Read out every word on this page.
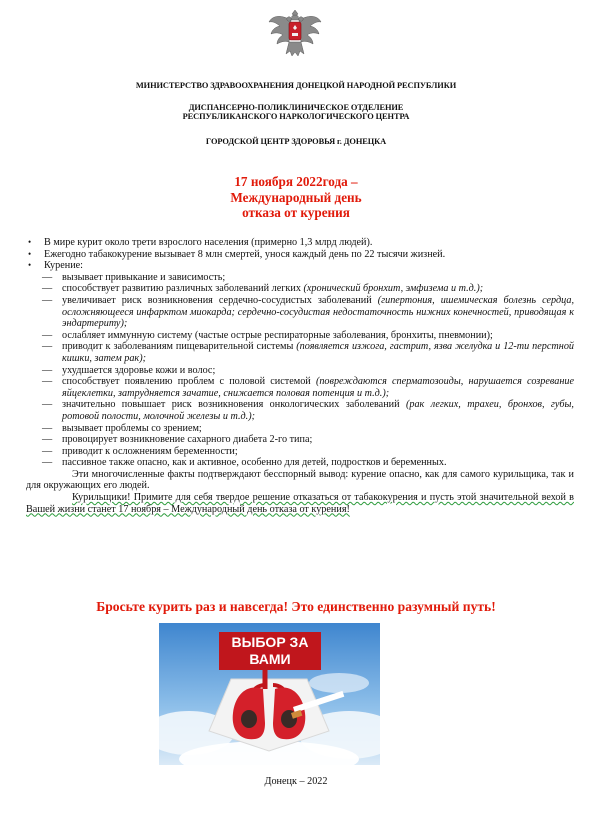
МИНИСТЕРСТВО ЗДРАВООХРАНЕНИЯ ДОНЕЦКОЙ НАРОДНОЙ РЕСПУБЛИКИ
ДИСПАНСЕРНО-ПОЛИКЛИНИЧЕСКОЕ ОТДЕЛЕНИЕ
РЕСПУБЛИКАНСКОГО НАРКОЛОГИЧЕСКОГО ЦЕНТРА
ГОРОДСКОЙ ЦЕНТР ЗДОРОВЬЯ г. ДОНЕЦКА
17 ноября 2022года –
Международный день
отказа от курения
•	В мире курит около трети взрослого населения (примерно 1,3 млрд людей).
•	Ежегодно табакокурение вызывает 8 млн смертей, унося каждый день по 22 тысячи жизней.
•	Курение:
— вызывает привыкание и зависимость;
— способствует развитию различных заболеваний легких (хронический бронхит, эмфизема и т.д.);
— увеличивает риск возникновения сердечно-сосудистых заболеваний (гипертония, ишемическая болезнь сердца, осложняющееся инфарктом миокарда; сердечно-сосудистая недостаточность нижних конечностей, приводящая к эндартериту);
— ослабляет иммунную систему (частые острые респираторные заболевания, бронхиты, пневмонии);
— приводит к заболеваниям пищеварительной системы (появляется изжога, гастрит, язва желудка и 12-ти перстной кишки, затем рак);
— ухудшается здоровье кожи и волос;
— способствует появлению проблем с половой системой (повреждаются сперматозоиды, нарушается созревание яйцеклетки, затрудняется зачатие, снижается половая потенция и т.д.);
— значительно повышает риск возникновения онкологических заболеваний (рак легких, трахеи, бронхов, губы, ротовой полости, молочной железы и т.д.);
— вызывает проблемы со зрением;
— провоцирует возникновение сахарного диабета 2-го типа;
— приводит к осложнениям беременности;
— пассивное также опасно, как и активное, особенно для детей, подростков и беременных.
Эти многочисленные факты подтверждают бесспорный вывод: курение опасно, как для самого курильщика, так и для окружающих его людей.
Курильщики! Примите для себя твердое решение отказаться от табакокурения и пусть этой значительной вехой в Вашей жизни станет 17 ноября – Международный день отказа от курения!
Бросьте курить раз и навсегда! Это единственно разумный путь!
ВЫБОР ЗА ВАМИ
Донецк – 2022
